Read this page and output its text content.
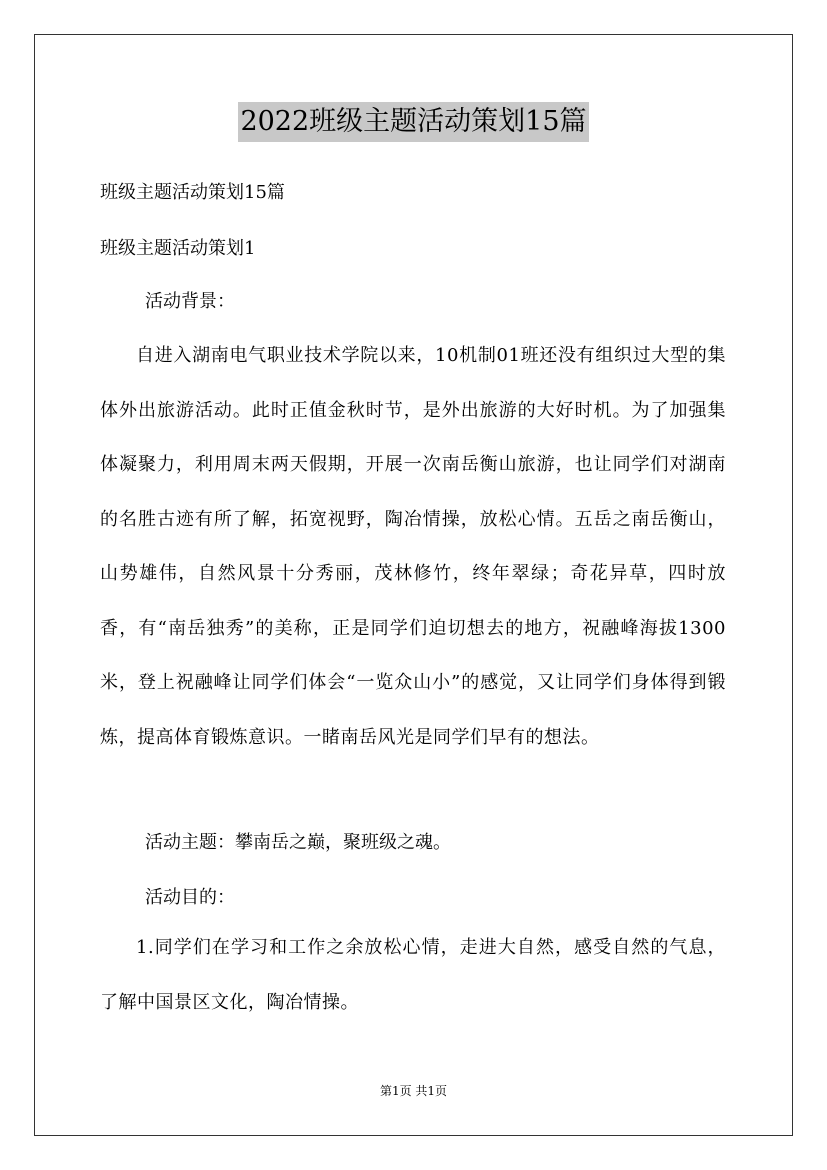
2022班级主题活动策划15篇

班级主题活动策划15篇

班级主题活动策划1

活动背景：

自进入湖南电气职业技术学院以来，10机制01班还没有组织过大型的集体外出旅游活动。此时正值金秋时节，是外出旅游的大好时机。为了加强集体凝聚力，利用周末两天假期，开展一次南岳衡山旅游，也让同学们对湖南的名胜古迹有所了解，拓宽视野，陶冶情操，放松心情。五岳之南岳衡山，山势雄伟，自然风景十分秀丽，茂林修竹，终年翠绿；奇花异草，四时放香，有“南岳独秀”的美称，正是同学们迫切想去的地方，祝融峰海拔1300米，登上祝融峰让同学们体会“一览众山小”的感觉，又让同学们身体得到锻炼，提高体育锻炼意识。一睹南岳风光是同学们早有的想法。

活动主题：攀南岳之巅，聚班级之魂。

活动目的：

1.同学们在学习和工作之余放松心情，走进大自然，感受自然的气息，了解中国景区文化，陶冶情操。

第1页 共1页
